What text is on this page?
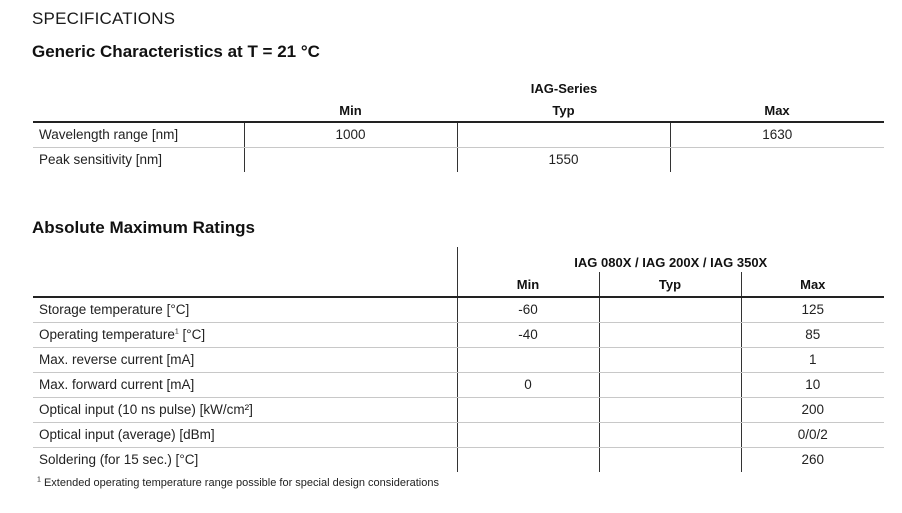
SPECIFICATIONS
Generic Characteristics at T = 21 °C
	IAG-Series		
	Min	Typ	Max
Wavelength range [nm]	1000		1630
Peak sensitivity [nm]		1550	
Absolute Maximum Ratings
	IAG 080X / IAG 200X / IAG 350X		
	Min	Typ	Max
Storage temperature [°C]	-60		125
Operating temperature$^1$ [°C]	-40		85
Max. reverse current [mA]			1
Max. forward current [mA]	0		10
Optical input (10 ns pulse) [kW/cm²]			200
Optical input (average) [dBm]			0/0/2
Soldering (for 15 sec.) [°C]			260
$^1$ Extended operating temperature range possible for special design considerations
